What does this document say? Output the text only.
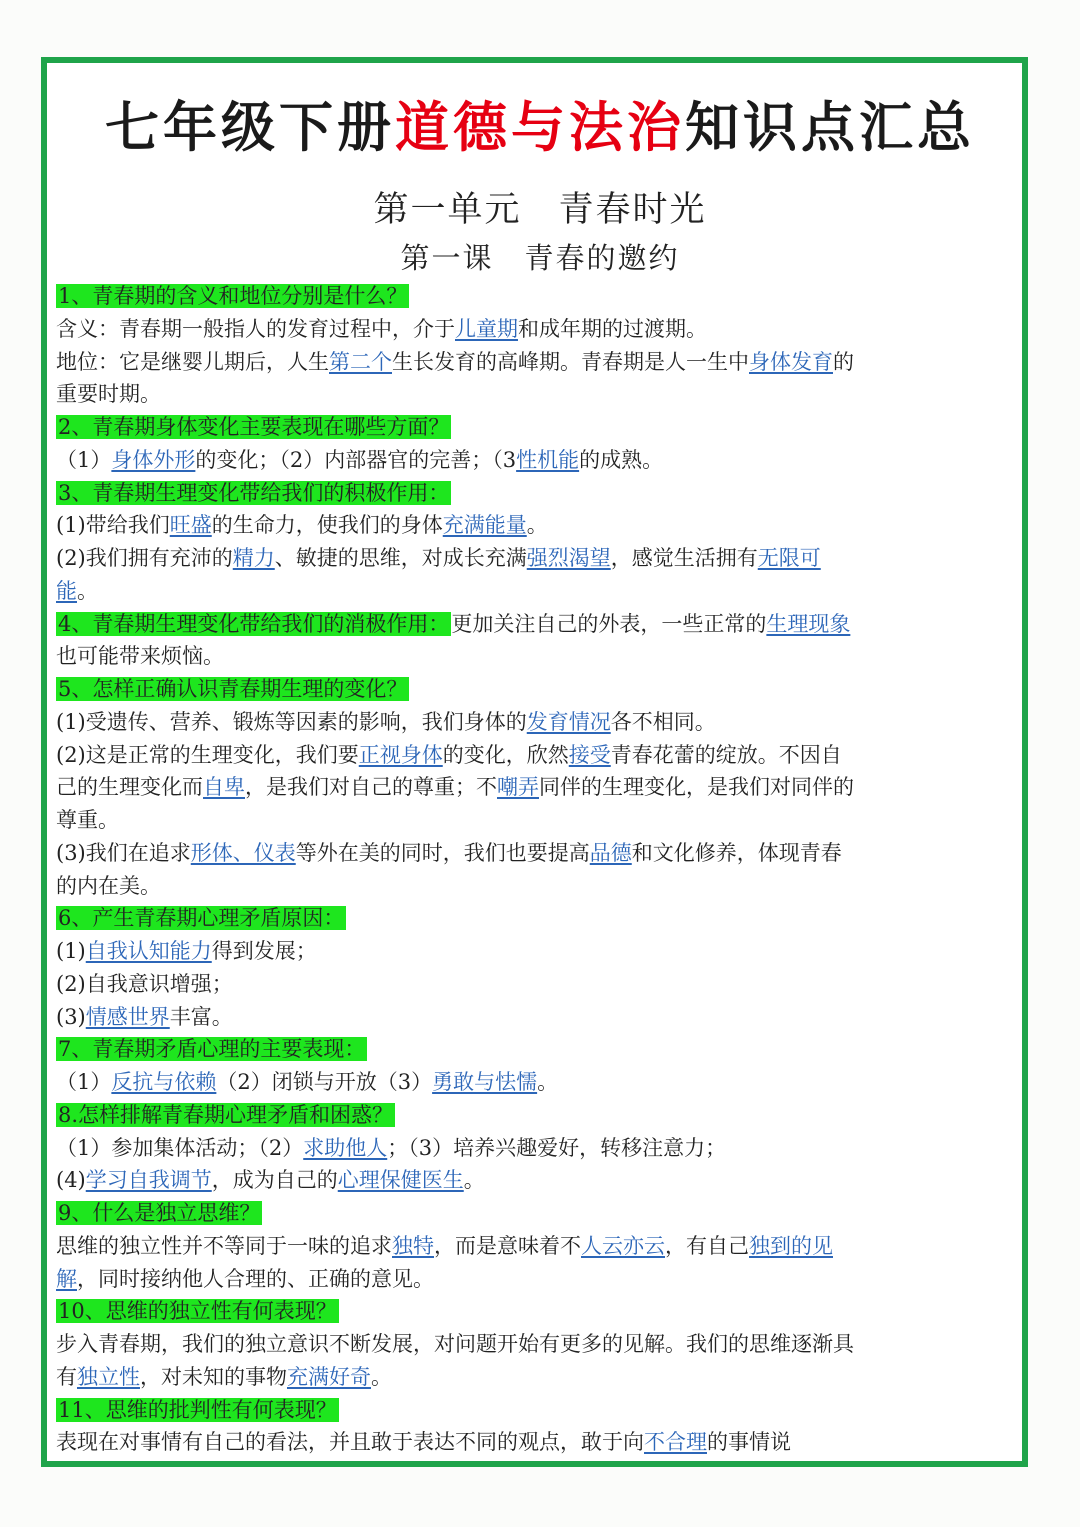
七年级下册道德与法治知识点汇总
第一单元　青春时光
第一课　青春的邀约
1、青春期的含义和地位分别是什么？
含义：青春期一般指人的发育过程中，介于儿童期和成年期的过渡期。
地位：它是继婴儿期后，人生第二个生长发育的高峰期。青春期是人一生中身体发育的
重要时期。
2、青春期身体变化主要表现在哪些方面？
（1）身体外形的变化；（2）内部器官的完善；（3性机能的成熟。
3、青春期生理变化带给我们的积极作用：
(1)带给我们旺盛的生命力，使我们的身体充满能量。
(2)我们拥有充沛的精力、敏捷的思维，对成长充满强烈渴望，感觉生活拥有无限可
能。
4、青春期生理变化带给我们的消极作用：更加关注自己的外表，一些正常的生理现象
也可能带来烦恼。
5、怎样正确认识青春期生理的变化？
(1)受遗传、营养、锻炼等因素的影响，我们身体的发育情况各不相同。
(2)这是正常的生理变化，我们要正视身体的变化，欣然接受青春花蕾的绽放。不因自
己的生理变化而自卑，是我们对自己的尊重；不嘲弄同伴的生理变化，是我们对同伴的
尊重。
(3)我们在追求形体、仪表等外在美的同时，我们也要提高品德和文化修养，体现青春
的内在美。
6、产生青春期心理矛盾原因：
(1)自我认知能力得到发展；
(2)自我意识增强；
(3)情感世界丰富。
7、青春期矛盾心理的主要表现：
（1）反抗与依赖（2）闭锁与开放（3）勇敢与怯懦。
8.怎样排解青春期心理矛盾和困惑？
（1）参加集体活动；（2）求助他人；（3）培养兴趣爱好，转移注意力；
(4)学习自我调节，成为自己的心理保健医生。
9、什么是独立思维？
思维的独立性并不等同于一味的追求独特，而是意味着不人云亦云，有自己独到的见
解，同时接纳他人合理的、正确的意见。
10、思维的独立性有何表现？
步入青春期，我们的独立意识不断发展，对问题开始有更多的见解。我们的思维逐渐具
有独立性，对未知的事物充满好奇。
11、思维的批判性有何表现？
表现在对事情有自己的看法，并且敢于表达不同的观点，敢于向不合理的事情说
